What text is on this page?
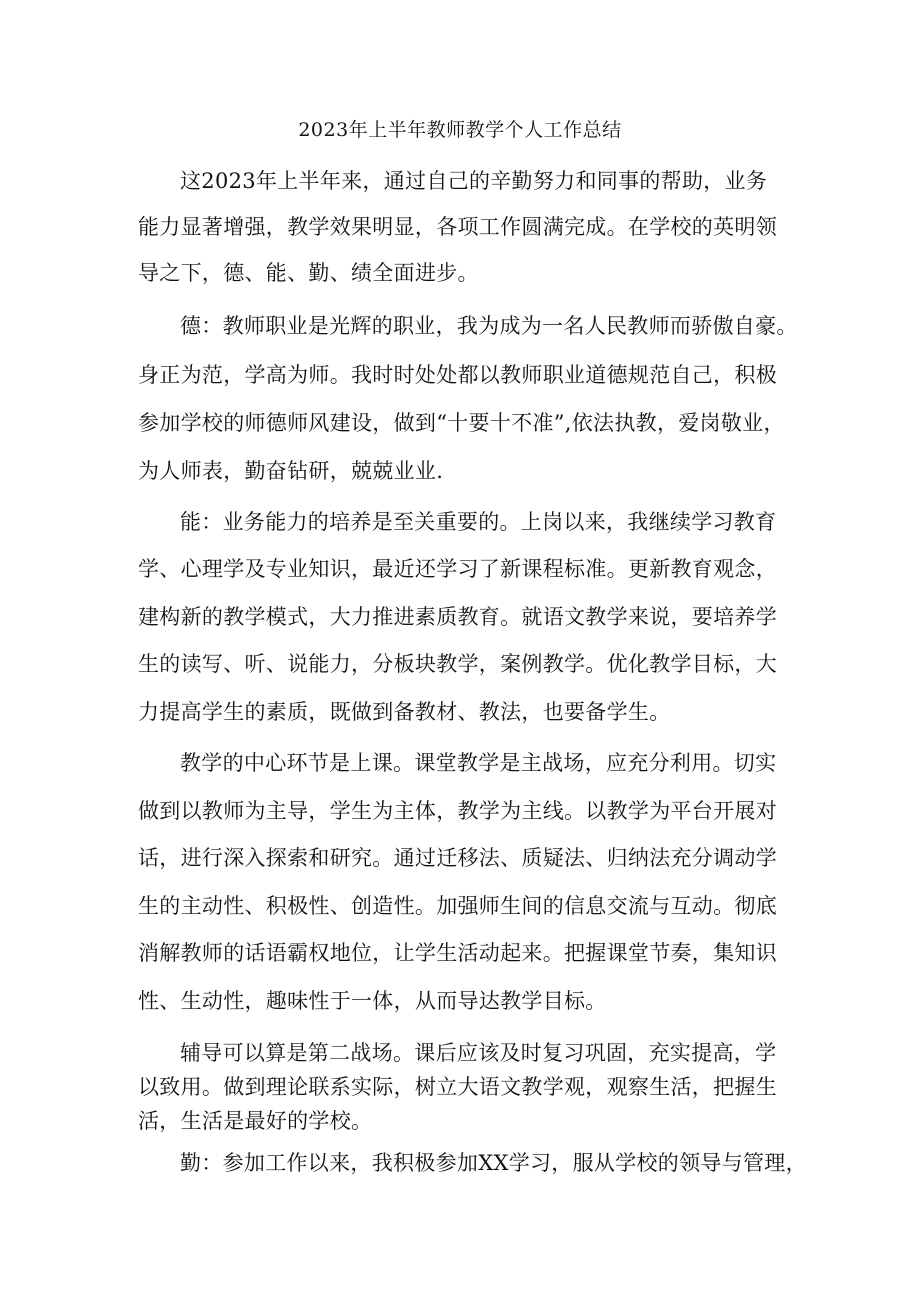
2023年上半年教师教学个人工作总结
这2023年上半年来，通过自己的辛勤努力和同事的帮助，业务
能力显著增强，教学效果明显，各项工作圆满完成。在学校的英明领
导之下，德、能、勤、绩全面进步。
德：教师职业是光辉的职业，我为成为一名人民教师而骄傲自豪。
身正为范，学高为师。我时时处处都以教师职业道德规范自己，积极
参加学校的师德师风建设，做到“十要十不准”,依法执教，爱岗敬业，
为人师表，勤奋钻研，兢兢业业.
能：业务能力的培养是至关重要的。上岗以来，我继续学习教育
学、心理学及专业知识，最近还学习了新课程标准。更新教育观念，
建构新的教学模式，大力推进素质教育。就语文教学来说，要培养学
生的读写、听、说能力，分板块教学，案例教学。优化教学目标，大
力提高学生的素质，既做到备教材、教法，也要备学生。
教学的中心环节是上课。课堂教学是主战场，应充分利用。切实
做到以教师为主导，学生为主体，教学为主线。以教学为平台开展对
话，进行深入探索和研究。通过迁移法、质疑法、归纳法充分调动学
生的主动性、积极性、创造性。加强师生间的信息交流与互动。彻底
消解教师的话语霸权地位，让学生活动起来。把握课堂节奏，集知识
性、生动性，趣味性于一体，从而导达教学目标。
辅导可以算是第二战场。课后应该及时复习巩固，充实提高，学
以致用。做到理论联系实际，树立大语文教学观，观察生活，把握生
活，生活是最好的学校。
勤：参加工作以来，我积极参加XX学习，服从学校的领导与管理，
